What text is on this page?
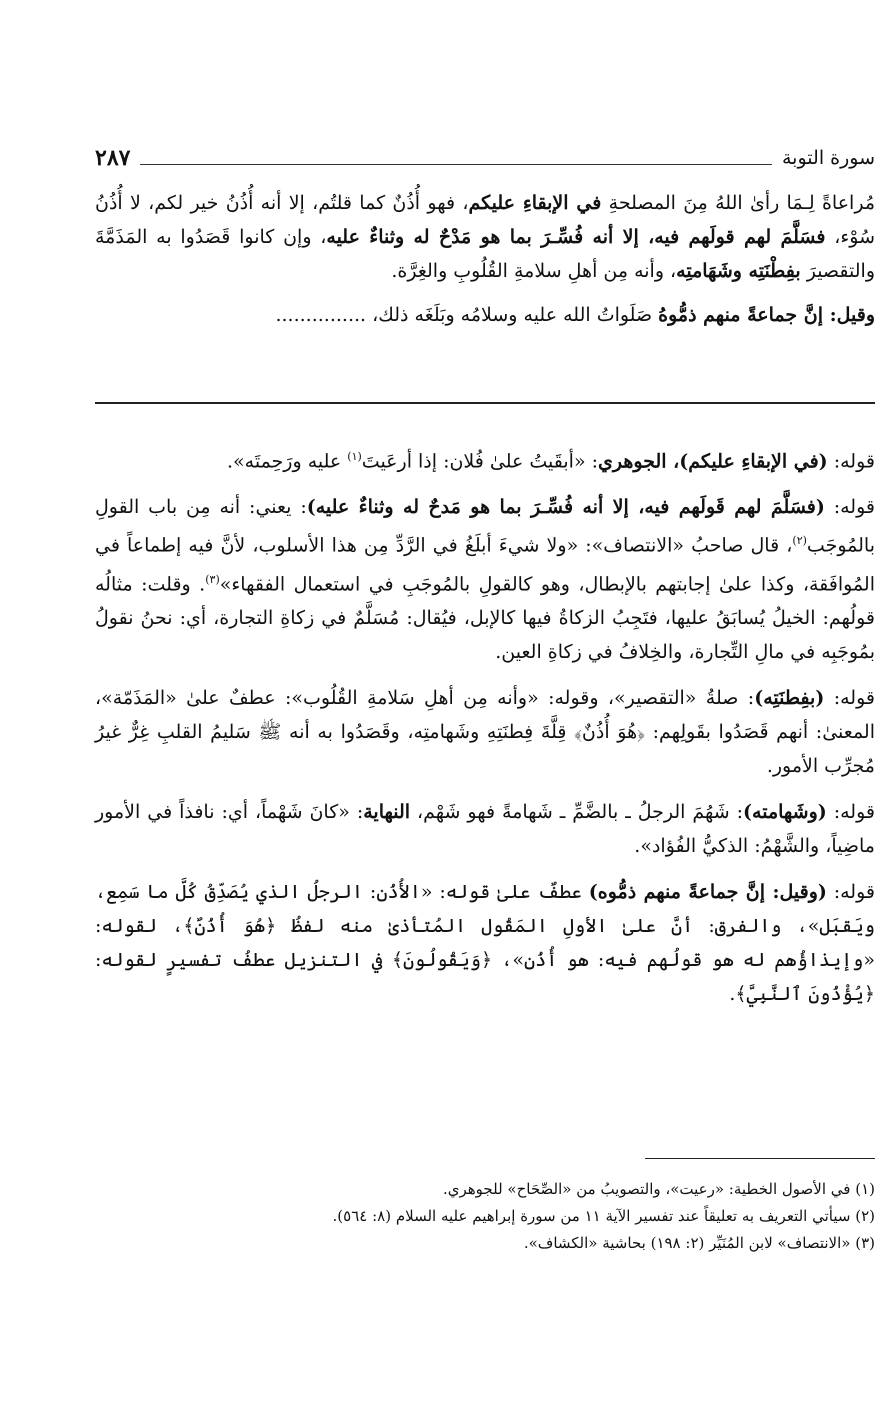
سورة التوبة
٢٨٧

مُراعاةً لِـمَا رأىٰ اللهُ مِنَ المصلحةِ في الإبقاءِ عليكم، فهو أُذُنٌ كما قلتُم، إلا أنه أُذُنُ خير لكم، لا أُذُنُ سُوْء، فسَلَّمَ لهم قولَهم فيه، إلا أنه فُسِّـرَ بما هو مَدْحٌ له وثناءٌ عليه، وإن كانوا قَصَدُوا به المَذَمَّةَ والتقصيرَ بفِطْنَتِه وشَهَامتِه، وأنه مِن أهلِ سلامةِ القُلُوبِ والغِرَّة.

وقيل: إنَّ جماعةً منهم ذمُّوهُ صَلَواتُ الله عليه وسلامُه وبَلَغَه ذلك، ...............

قوله: (في الإبقاءِ عليكم)، الجوهري: «أبقَيتُ علىٰ فُلان: إذا أرعَيتَ$^{(١)}$ عليه ورَحِمتَه».

قوله: (فسَلَّمَ لهم قَولَهم فيه، إلا أنه فُسِّـرَ بما هو مَدحٌ له وثناءٌ عليه): يعني: أنه مِن باب القولِ بالمُوجَب$^{(٢)}$، قال صاحبُ «الانتصاف»: «ولا شيءَ أبلَغُ في الرَّدِّ مِن هذا الأسلوب، لأنَّ فيه إطماعاً في المُوافَقة، وكذا علىٰ إجابتهم بالإبطال، وهو كالقولِ بالمُوجَبِ في استعمال الفقهاء»$^{(٣)}$. وقلت: مثالُه قولُهم: الخيلُ يُسابَقُ عليها، فتَجِبُ الزكاةُ فيها كالإبل، فيُقال: مُسَلَّمٌ في زكاةِ التجارة، أي: نحنُ نقولُ بمُوجَبِه في مالِ التِّجارة، والخِلافُ في زكاةِ العين.

قوله: (بفِطنَتِه): صلةُ «التقصير»، وقوله: «وأنه مِن أهلِ سَلامةِ القُلُوب»: عطفٌ علىٰ «المَذَمّة»، المعنىٰ: أنهم قَصَدُوا بقَولِهم: ﴿هُوَ أُذُنٌ﴾ قِلَّةَ فِطنَتِهِ وشَهامتِه، وقَصَدُوا به أنه ﷺ سَليمُ القلبِ غِرٌّ غيرُ مُجرِّب الأمور.

قوله: (وشَهامته): شَهُمَ الرجلُ ـ بالضَّمِّ ـ شَهامةً فهو شَهْم، النهاية: «كانَ شَهْماً، أي: نافذاً في الأمور ماضِياً، والشَّهْمُ: الذكيُّ الفُؤاد».

قوله: (وقيل: إنَّ جماعةً منهم ذمُّوه) عطفٌ علىٰ قوله: «الأُذُن: الرجلُ الذي يُصَدِّقُ كُلَّ ما سَمِع، ويَقبَل»، والفرق: أنَّ علىٰ الأولِ المَقُول المُتأذىٰ منه لفظُ ﴿هُوَ أُذُنٌ﴾، لقوله: «وإيذاؤُهم له هو قولُهم فيه: هو أُذُن»، ﴿وَيَقُولُونَ﴾ في التنزيل عطفُ تفسيرٍ لقوله: ﴿يُؤْذُونَ ٱلنَّبِيَّ﴾.

(١) في الأصول الخطية: «رعيت»، والتصويبُ من «الصِّحَاح» للجوهري.

(٢) سيأتي التعريف به تعليقاً عند تفسير الآية ١١ من سورة إبراهيم عليه السلام (٨: ٥٦٤).

(٣) «الانتصاف» لابن المُنَيِّر (٢: ١٩٨) بحاشية «الكشاف».
